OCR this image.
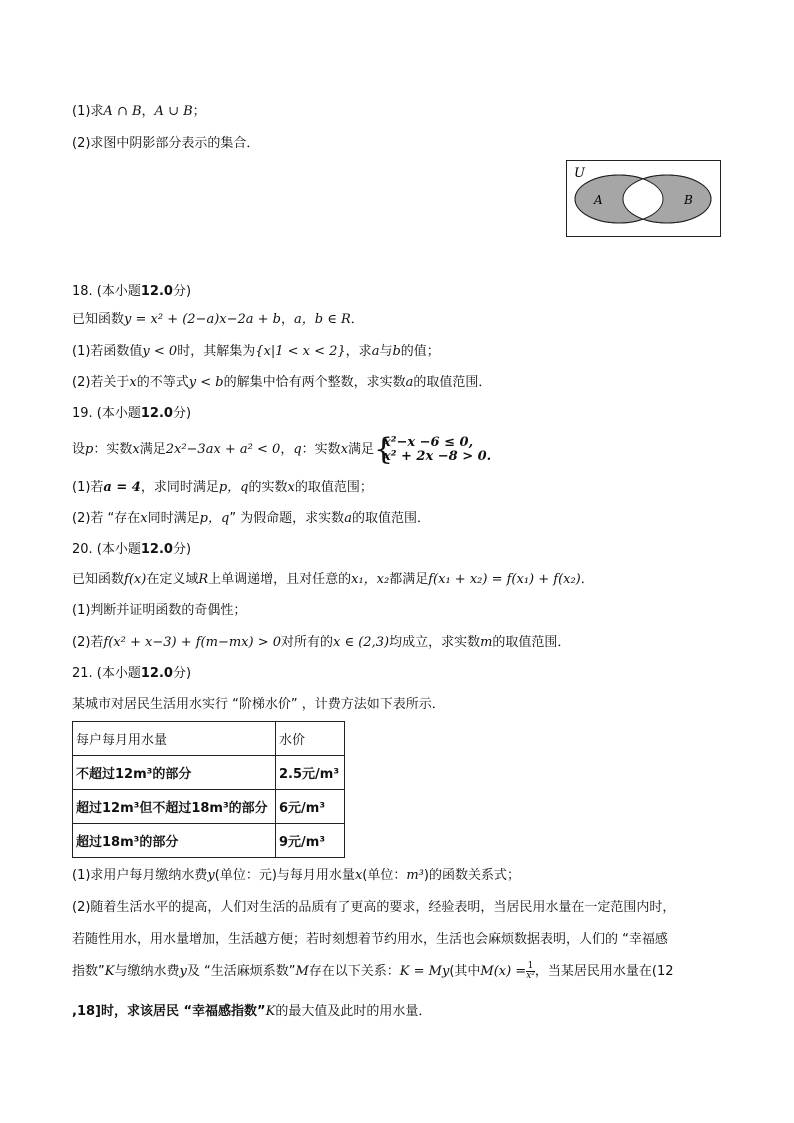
(1)求A ∩ B，A ∪ B；
(2)求图中阴影部分表示的集合．
U
A	B
18. (本小题12.0分)
已知函数y = x² + (2−a)x−2a + b，a，b ∈ R．
(1)若函数值y < 0时，其解集为{x|1 < x < 2}，求a与b的值；
(2)若关于x的不等式y < b的解集中恰有两个整数，求实数a的取值范围．
19. (本小题12.0分)
设p：实数x满足2x²−3ax + a² < 0，q：实数x满足 {
x²−x −6 ≤ 0,
x² + 2x −8 > 0.
(1)若a = 4，求同时满足p，q的实数x的取值范围；
(2)若 “存在x同时满足p，q” 为假命题，求实数a的取值范围．
20. (本小题12.0分)
已知函数f(x)在定义域R上单调递增，且对任意的x₁，x₂都满足f(x₁ + x₂) = f(x₁) + f(x₂)．
(1)判断并证明函数的奇偶性；
(2)若f(x² + x−3) + f(m−mx) > 0对所有的x ∈ (2,3)均成立，求实数m的取值范围．
21. (本小题12.0分)
某城市对居民生活用水实行 “阶梯水价” ，计费方法如下表所示．
每户每月用水量	水价
不超过12m³的部分	2.5元/m³
超过12m³但不超过18m³的部分	6元/m³
超过18m³的部分	9元/m³
(1)求用户每月缴纳水费y(单位：元)与每月用水量x(单位：m³)的函数关系式；
(2)随着生活水平的提高，人们对生活的品质有了更高的要求，经验表明，当居民用水量在一定范围内时，
若随性用水，用水量增加，生活越方便；若时刻想着节约用水，生活也会麻烦数据表明，人们的 “幸福感
指数”K与缴纳水费y及 “生活麻烦系数”M存在以下关系：K = My(其中$M(x) = \frac{1}{\text{x²}}$ ，当某居民用水量在(12
,18]时，求该居民 “幸福感指数”K的最大值及此时的用水量．
